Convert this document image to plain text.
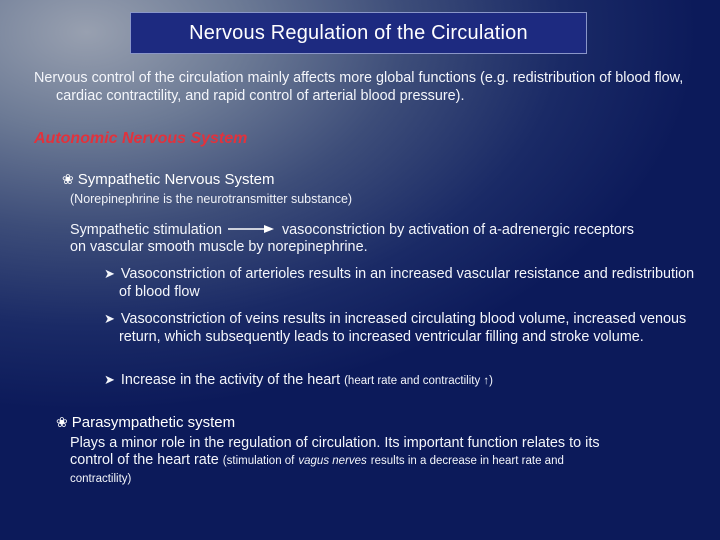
Nervous Regulation of the Circulation
Nervous control of the circulation mainly affects more global functions (e.g. redistribution of blood flow, cardiac contractility, and rapid control of arterial blood pressure).
Autonomic Nervous System
❀ Sympathetic Nervous System
(Norepinephrine is the neurotransmitter substance)
Sympathetic stimulation	vasoconstriction by activation of a-adrenergic receptors
on vascular smooth muscle by norepinephrine.
➤ Vasoconstriction of arterioles results in an increased vascular resistance and redistribution of blood flow
➤ Vasoconstriction of veins results in increased circulating blood volume, increased venous return, which subsequently leads to increased ventricular filling and stroke volume.
➤ Increase in the activity of the heart (heart rate and contractility ↑)
❀ Parasympathetic system
Plays a minor role in the regulation of circulation. Its important function relates to its
control of the heart rate (stimulation of vagus nerves results in a decrease in heart rate and
contractility)
